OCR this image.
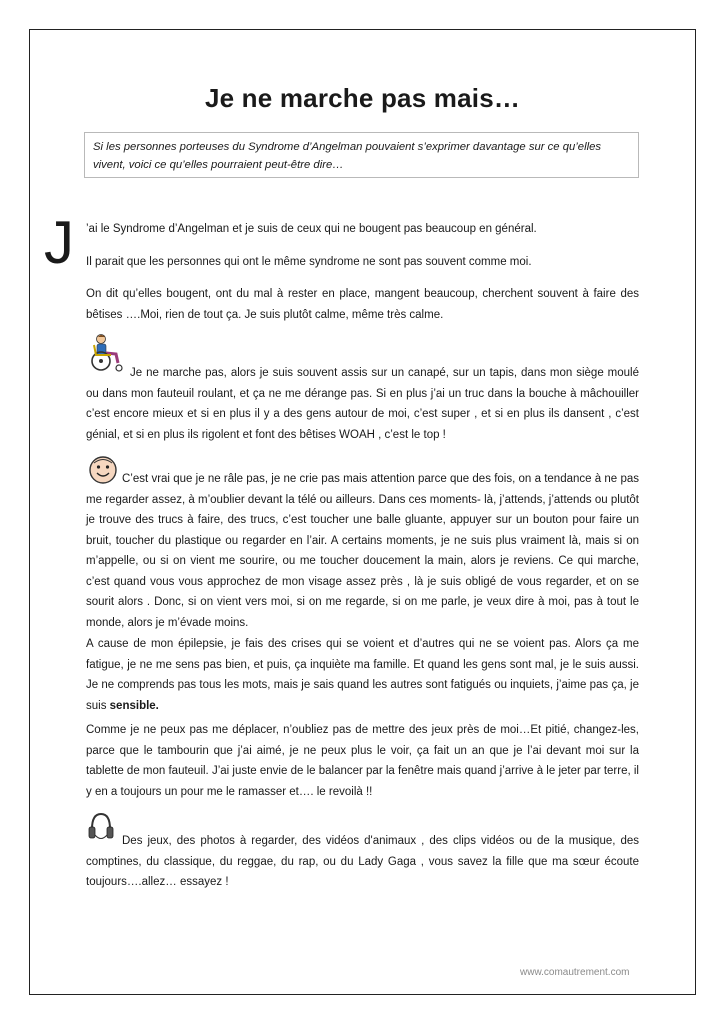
Je ne marche pas mais…
Si les personnes porteuses du Syndrome d’Angelman pouvaient s’exprimer davantage sur ce qu’elles vivent, voici ce qu’elles pourraient peut-être dire…
J ’ai le Syndrome d’Angelman et je suis de ceux qui ne bougent pas beaucoup en général.

Il parait que les personnes qui ont le même syndrome ne sont pas souvent comme moi.

On dit qu’elles bougent, ont du mal à rester en place, mangent beaucoup, cherchent souvent à faire des bêtises ….Moi, rien de tout ça. Je suis plutôt calme, même très calme.

Je ne marche pas, alors je suis souvent assis sur un canapé, sur un tapis, dans mon siège moulé ou dans mon fauteuil roulant, et ça ne me dérange pas. Si en plus j’ai un truc dans la bouche à mâchouiller c’est encore mieux et si en plus il y a des gens autour de moi, c’est super , et si en plus ils dansent , c’est génial, et si en plus ils rigolent et font des bêtises WOAH , c’est le top !

C’est vrai que je ne râle pas, je ne crie pas mais attention parce que des fois, on a tendance à ne pas me regarder assez, à m’oublier devant la télé ou ailleurs. Dans ces moments- là, j’attends, j’attends ou plutôt je trouve des trucs à faire, des trucs, c’est toucher une balle gluante, appuyer sur un bouton pour faire un bruit, toucher du plastique ou regarder en l’air. A certains moments, je ne suis plus vraiment là, mais si on m’appelle, ou si on vient me sourire, ou me toucher doucement la main, alors je reviens. Ce qui marche, c’est quand vous vous approchez de mon visage assez près , là je suis obligé de vous regarder, et on se sourit alors . Donc, si on vient vers moi, si on me regarde, si on me parle, je veux dire à moi, pas à tout le monde, alors je m’évade moins.

A cause de mon épilepsie, je fais des crises qui se voient et d’autres qui ne se voient pas. Alors ça me fatigue, je ne me sens pas bien, et puis, ça inquiète ma famille. Et quand les gens sont mal, je le suis aussi. Je ne comprends pas tous les mots, mais je sais quand les autres sont fatigués ou inquiets, j’aime pas ça, je suis sensible.

Comme je ne peux pas me déplacer, n’oubliez pas de mettre des jeux près de moi…Et pitié, changez-les, parce que le tambourin que j’ai aimé, je ne peux plus le voir, ça fait un an que je l’ai devant moi sur la tablette de mon fauteuil. J’ai juste envie de le balancer par la fenêtre mais quand j’arrive à le jeter par terre, il y en a toujours un pour me le ramasser et…. le revoilà !!

Des jeux, des photos à regarder, des vidéos d'animaux , des clips vidéos ou de la musique, des comptines, du classique, du reggae, du rap, ou du Lady Gaga , vous savez la fille que ma sœur écoute toujours….allez… essayez !

www.comautrement.com
